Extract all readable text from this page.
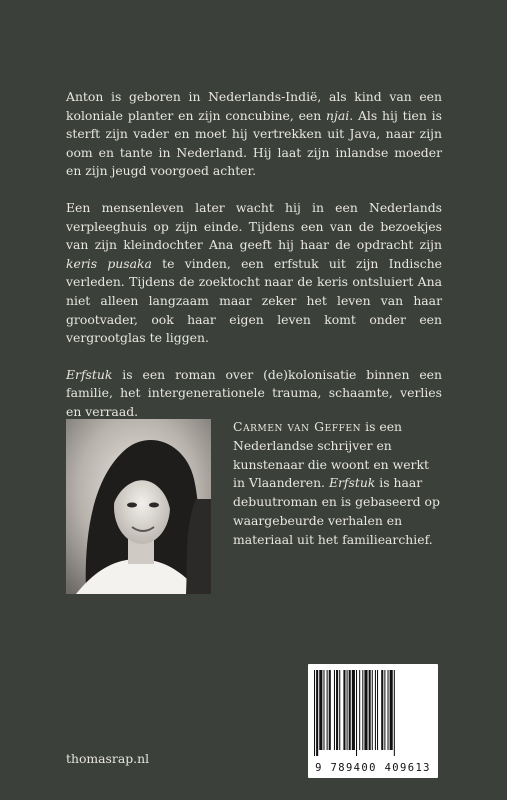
Anton is geboren in Nederlands-Indië, als kind van een koloniale planter en zijn concubine, een njai. Als hij tien is sterft zijn vader en moet hij vertrekken uit Java, naar zijn oom en tante in Nederland. Hij laat zijn inlandse moeder en zijn jeugd voorgoed achter.

Een mensenleven later wacht hij in een Nederlands verpleeghuis op zijn einde. Tijdens een van de bezoekjes van zijn kleindochter Ana geeft hij haar de opdracht zijn keris pusaka te vinden, een erfstuk uit zijn Indische verleden. Tijdens de zoektocht naar de keris ontsluiert Ana niet alleen langzaam maar zeker het leven van haar grootvader, ook haar eigen leven komt onder een vergrootglas te liggen.

Erfstuk is een roman over (de)kolonisatie binnen een familie, het intergenerationele trauma, schaamte, verlies en verraad.

Carmen van Geffen is een Nederlandse schrijver en kunstenaar die woont en werkt in Vlaanderen. Erfstuk is haar debuutroman en is gebaseerd op waargebeurde verhalen en materiaal uit het familiearchief.
9 789400 409613
thomasrap.nl
